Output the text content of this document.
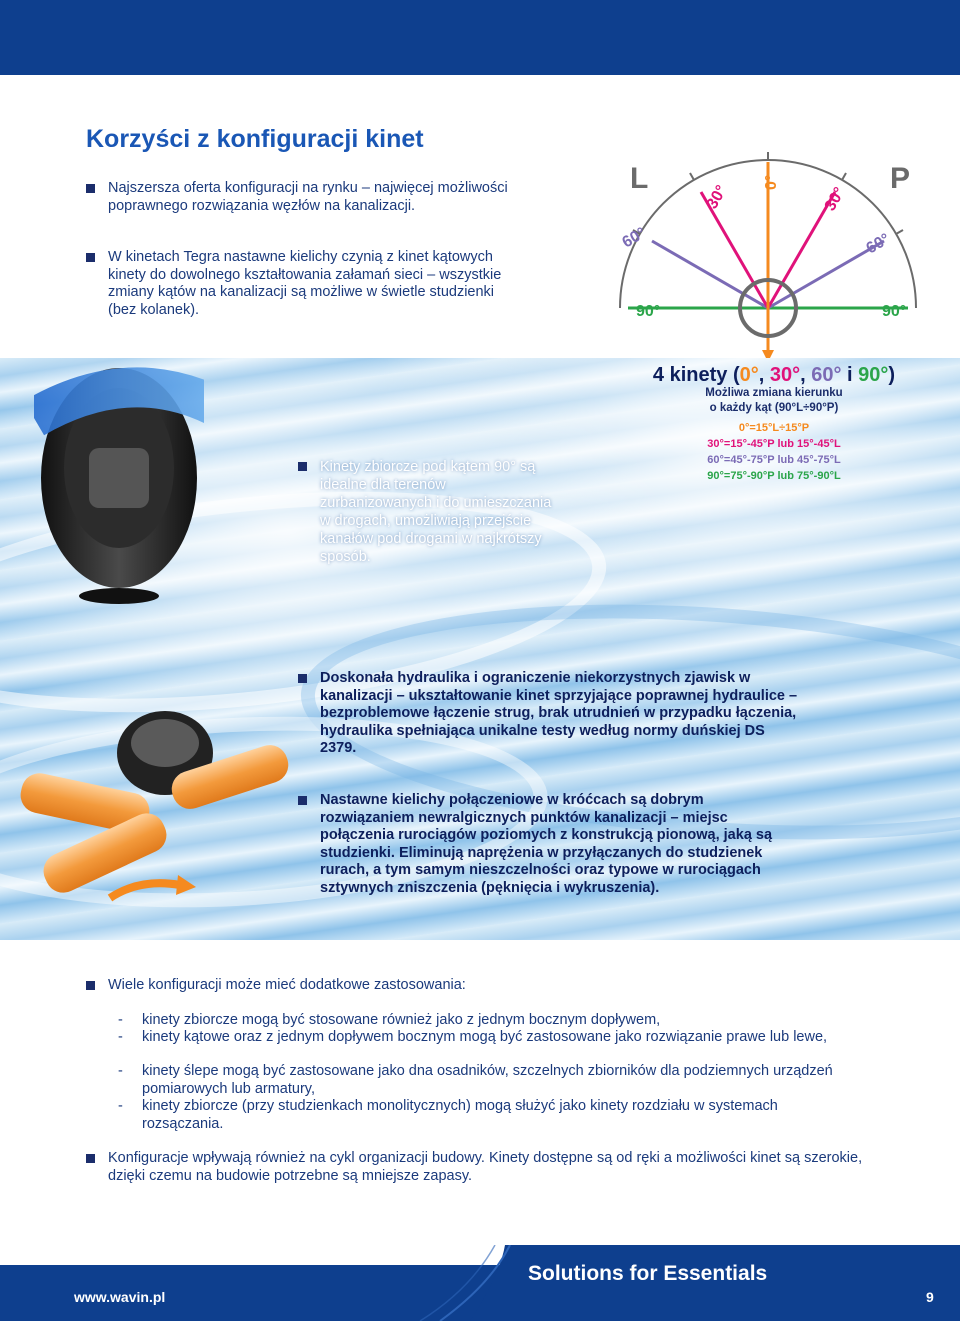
Korzyści z konfiguracji kinet
Najszersza oferta konfiguracji na rynku – najwięcej możliwości poprawnego rozwiązania węzłów na kanalizacji.
W kinetach Tegra nastawne kielichy czynią z kinet kątowych kinety do dowolnego kształtowania załamań sieci – wszystkie zmiany kątów na kanalizacji są możliwe w świetle studzienki (bez kolanek).
L	P
0°
30°	30°
60°	60°
90°	90°
Kinety zbiorcze pod kątem 90° są idealne dla terenów zurbanizowanych i do umieszczania w drogach, umożliwiają przejście kanałów pod drogami w najkrótszy sposób.
Doskonała hydraulika i ograniczenie niekorzystnych zjawisk w kanalizacji – ukształtowanie kinet sprzyjające poprawnej hydraulice – bezproblemowe łączenie strug, brak utrudnień w przypadku łączenia, hydraulika spełniająca unikalne testy według normy duńskiej DS 2379.
Nastawne kielichy połączeniowe w króćcach są dobrym rozwiązaniem newralgicznych punktów kanalizacji – miejsc połączenia rurociągów poziomych z konstrukcją pionową, jaką są studzienki. Eliminują naprężenia w przyłączanych do studzienek rurach, a tym samym nieszczelności oraz typowe w rurociągach sztywnych zniszczenia (pęknięcia i wykruszenia).
4 kinety (0°, 30°, 60° i 90°)
Możliwa zmiana kierunku
o każdy kąt (90°L÷90°P)
0°=15°L÷15°P
30°=15°-45°P lub 15°-45°L
60°=45°-75°P lub 45°-75°L
90°=75°-90°P lub 75°-90°L
Wiele konfiguracji może mieć dodatkowe zastosowania:
- kinety zbiorcze mogą być stosowane również jako z jednym bocznym dopływem,
- kinety kątowe oraz z jednym dopływem bocznym mogą być zastosowane jako rozwiązanie prawe lub lewe,
- kinety ślepe mogą być zastosowane jako dna osadników, szczelnych zbiorników dla podziemnych urządzeń pomiarowych lub armatury,
- kinety zbiorcze (przy studzienkach monolitycznych) mogą służyć jako kinety rozdziału w systemach rozsączania.
Konfiguracje wpływają również na cykl organizacji budowy. Kinety dostępne są od ręki a możliwości kinet są szerokie, dzięki czemu na budowie potrzebne są mniejsze zapasy.
Solutions for Essentials
www.wavin.pl	9
